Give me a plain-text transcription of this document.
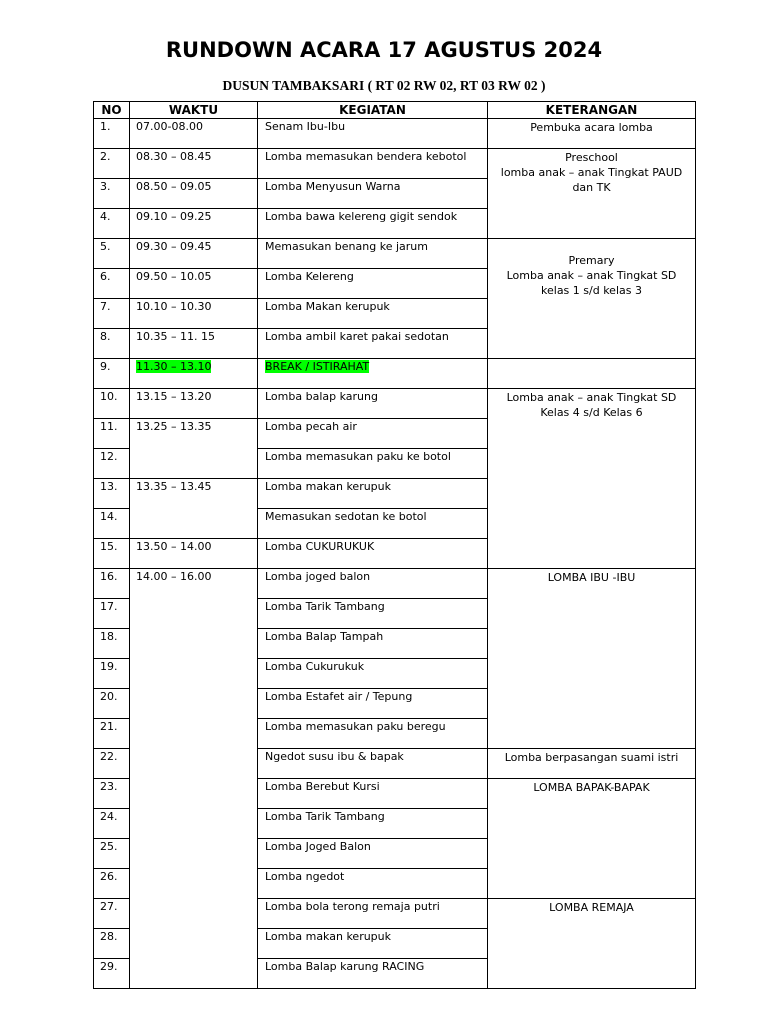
RUNDOWN ACARA 17 AGUSTUS 2024
DUSUN TAMBAKSARI ( RT 02 RW 02, RT 03 RW 02 )
NO	WAKTU	KEGIATAN	KETERANGAN

1.	07.00-08.00	Senam Ibu-Ibu	Pembuka acara lomba

2.	08.30 – 08.45	Lomba memasukan bendera kebotol	Preschool
lomba anak – anak Tingkat PAUD dan TK

3.	08.50 – 09.05	Lomba Menyusun Warna	

4.	09.10 – 09.25	Lomba bawa kelereng gigit sendok	

5.	09.30 – 09.45	Memasukan benang ke jarum	Premary
Lomba anak – anak Tingkat SD kelas 1 s/d kelas 3

6.	09.50 – 10.05	Lomba Kelereng	

7.	10.10 – 10.30	Lomba Makan kerupuk	

8.	10.35 – 11. 15	Lomba ambil karet pakai sedotan	

9.	11.30 – 13.10	BREAK / ISTIRAHAT	

10.	13.15 – 13.20	Lomba balap karung	Lomba anak – anak Tingkat SD
Kelas 4 s/d Kelas 6

11.	13.25 – 13.35	Lomba pecah air	

12.		Lomba memasukan paku ke botol	

13.	13.35 – 13.45	Lomba makan kerupuk	

14.		Memasukan sedotan ke botol	

15.	13.50 – 14.00	Lomba CUKURUKUK	

16.	14.00 – 16.00	Lomba joged balon	LOMBA IBU -IBU

17.		Lomba Tarik Tambang	

18.		Lomba Balap Tampah	

19.		Lomba Cukurukuk	

20.		Lomba Estafet air / Tepung	

21.		Lomba memasukan paku beregu	

22.		Ngedot susu ibu & bapak	Lomba berpasangan suami istri

23.		Lomba Berebut Kursi	LOMBA BAPAK-BAPAK

24.		Lomba Tarik Tambang	

25.		Lomba Joged Balon	

26.		Lomba ngedot	

27.		Lomba bola terong remaja putri	LOMBA REMAJA

28.		Lomba makan kerupuk	

29.		Lomba Balap karung RACING	
